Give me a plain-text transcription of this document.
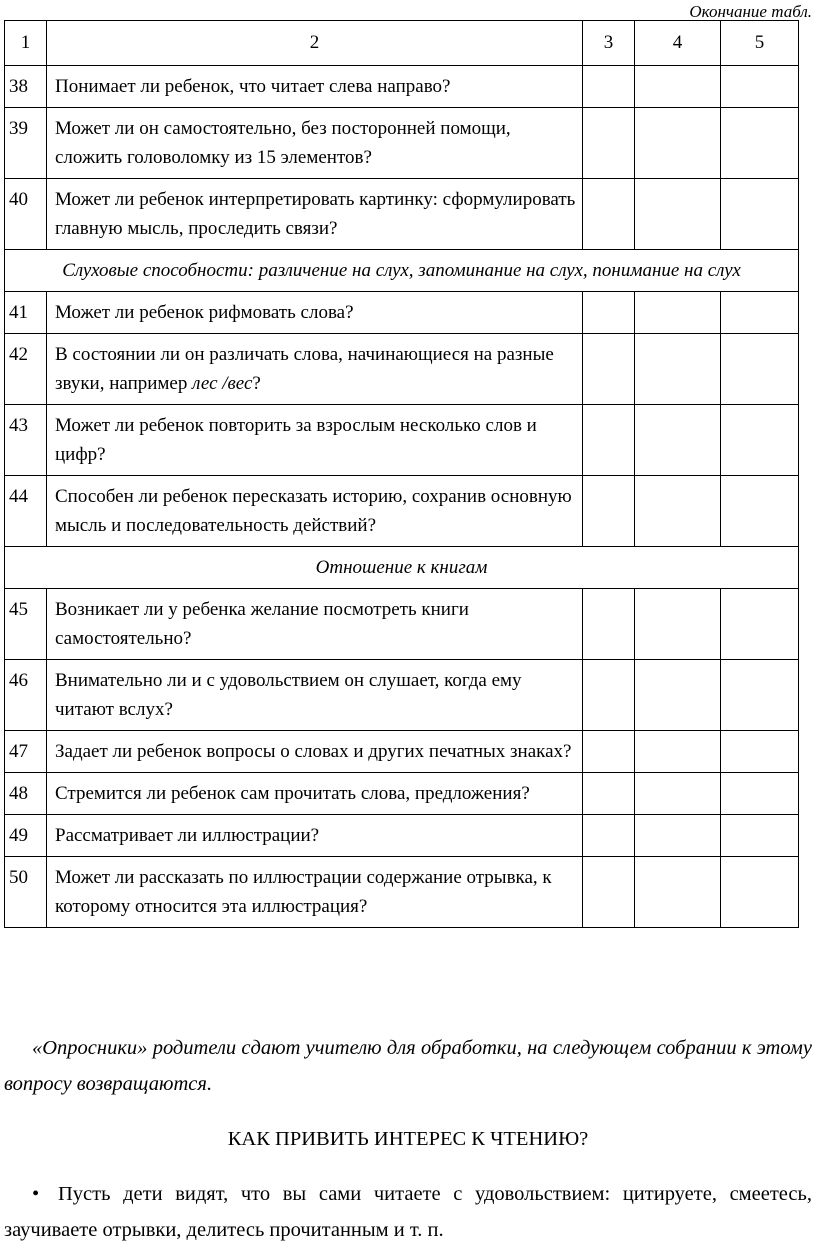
Окончание табл.
1	2	3	4	5
38	Понимает ли ребенок, что читает слева направо?			
39	Может ли он самостоятельно, без посторонней помощи, сложить головоломку из 15 элементов?			
40	Может ли ребенок интерпретировать картинку: сформулировать главную мысль, проследить связи?			
Слуховые способности: различение на слух, запоминание на слух, понимание на слух				
41	Может ли ребенок рифмовать слова?			
42	В состоянии ли он различать слова, начинающиеся на разные звуки, например лес /вес?			
43	Может ли ребенок повторить за взрослым несколько слов и цифр?			
44	Способен ли ребенок пересказать историю, сохранив основную мысль и последовательность действий?			
Отношение к книгам				
45	Возникает ли у ребенка желание посмотреть книги самостоятельно?			
46	Внимательно ли и с удовольствием он слушает, когда ему читают вслух?			
47	Задает ли ребенок вопросы о словах и других печатных знаках?			
48	Стремится ли ребенок сам прочитать слова, предложения?			
49	Рассматривает ли иллюстрации?			
50	Может ли рассказать по иллюстрации содержание отрывка, к которому относится эта иллюстрация?			
«Опросники» родители сдают учителю для обработки, на следующем собрании к этому вопросу возвращаются.
КАК ПРИВИТЬ ИНТЕРЕС К ЧТЕНИЮ?
• Пусть дети видят, что вы сами читаете с удовольствием: цитируете, смеетесь, заучиваете отрывки, делитесь прочитанным и т. п.
